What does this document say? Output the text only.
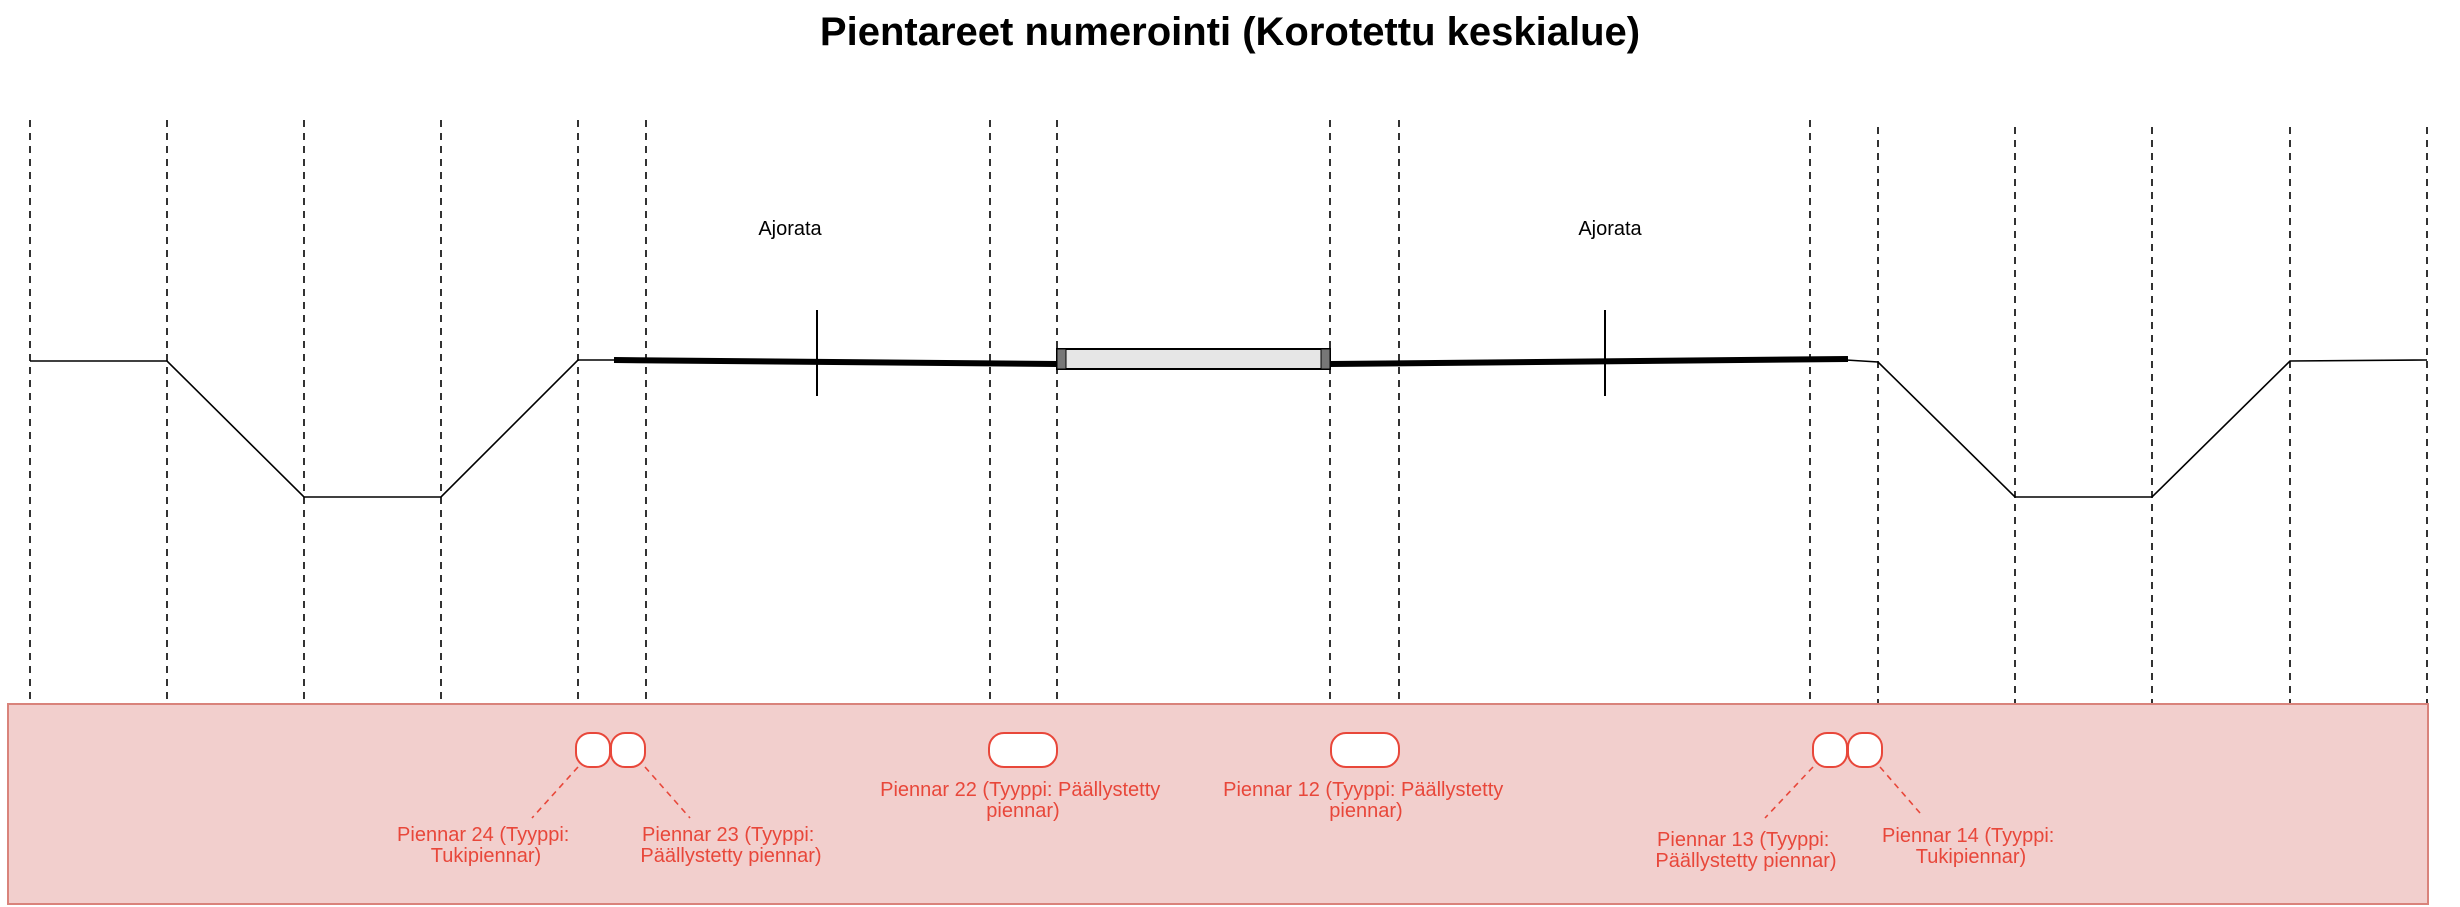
Pientareet numerointi (Korotettu keskialue)
Ajorata	Ajorata
Piennar 24 (Tyyppi: Tukipiennar)
Piennar 23 (Tyyppi: Päällystetty piennar)
Piennar 22 (Tyyppi: Päällystetty piennar)
Piennar 12 (Tyyppi: Päällystetty piennar)
Piennar 13 (Tyyppi: Päällystetty piennar)
Piennar 14 (Tyyppi: Tukipiennar)
